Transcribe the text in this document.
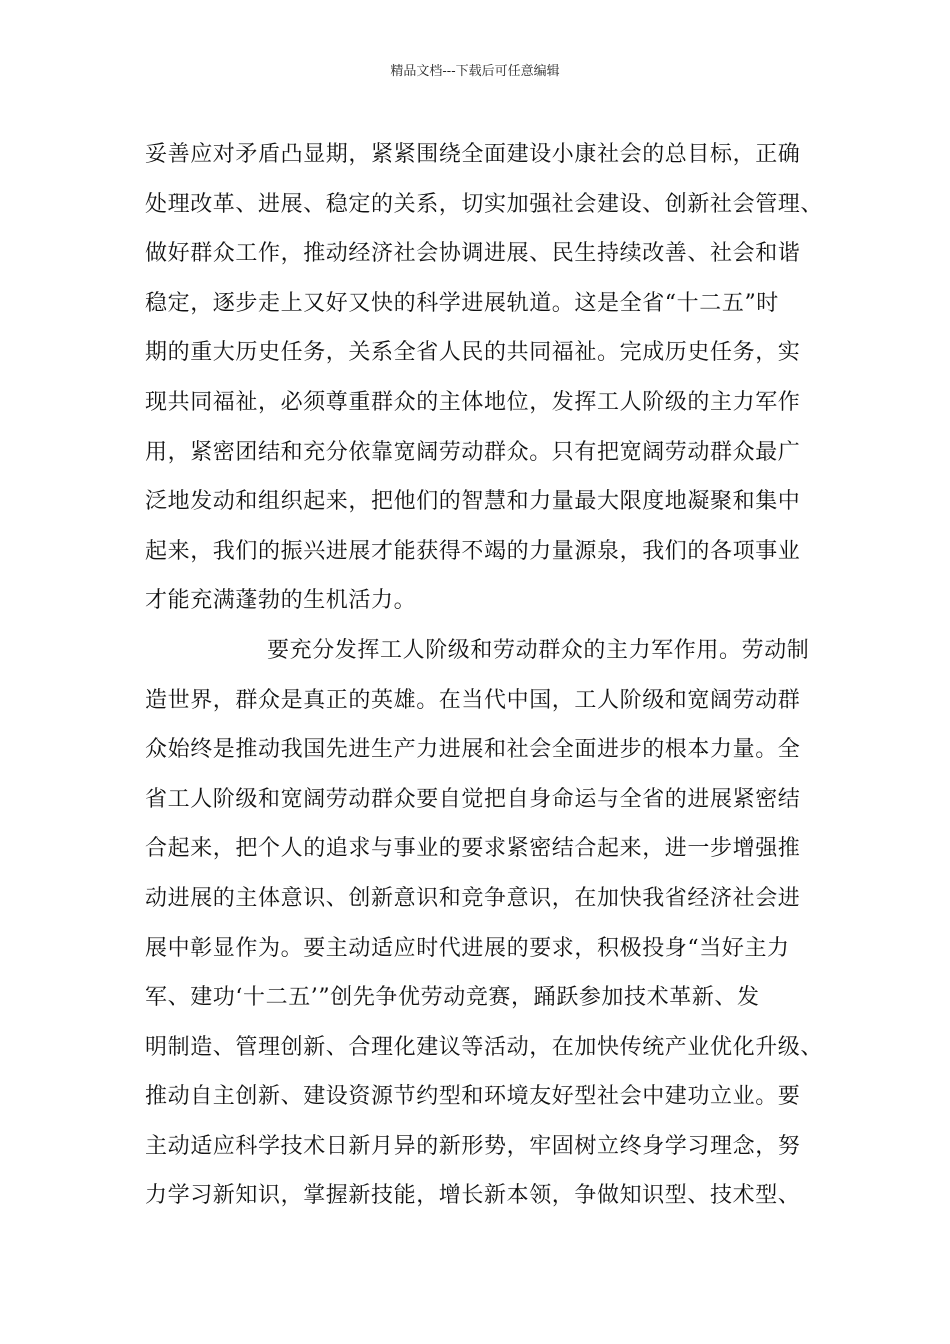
精品文档---下载后可任意编辑
妥善应对矛盾凸显期，紧紧围绕全面建设小康社会的总目标，正确
处理改革、进展、稳定的关系，切实加强社会建设、创新社会管理、
做好群众工作，推动经济社会协调进展、民生持续改善、社会和谐
稳定，逐步走上又好又快的科学进展轨道。这是全省“十二五”时
期的重大历史任务，关系全省人民的共同福祉。完成历史任务，实
现共同福祉，必须尊重群众的主体地位，发挥工人阶级的主力军作
用，紧密团结和充分依靠宽阔劳动群众。只有把宽阔劳动群众最广
泛地发动和组织起来，把他们的智慧和力量最大限度地凝聚和集中
起来，我们的振兴进展才能获得不竭的力量源泉，我们的各项事业
才能充满蓬勃的生机活力。
要充分发挥工人阶级和劳动群众的主力军作用。劳动制
造世界，群众是真正的英雄。在当代中国，工人阶级和宽阔劳动群
众始终是推动我国先进生产力进展和社会全面进步的根本力量。全
省工人阶级和宽阔劳动群众要自觉把自身命运与全省的进展紧密结
合起来，把个人的追求与事业的要求紧密结合起来，进一步增强推
动进展的主体意识、创新意识和竞争意识，在加快我省经济社会进
展中彰显作为。要主动适应时代进展的要求，积极投身“当好主力
军、建功‘十二五’”创先争优劳动竞赛，踊跃参加技术革新、发
明制造、管理创新、合理化建议等活动，在加快传统产业优化升级、
推动自主创新、建设资源节约型和环境友好型社会中建功立业。要
主动适应科学技术日新月异的新形势，牢固树立终身学习理念，努
力学习新知识，掌握新技能，增长新本领，争做知识型、技术型、
